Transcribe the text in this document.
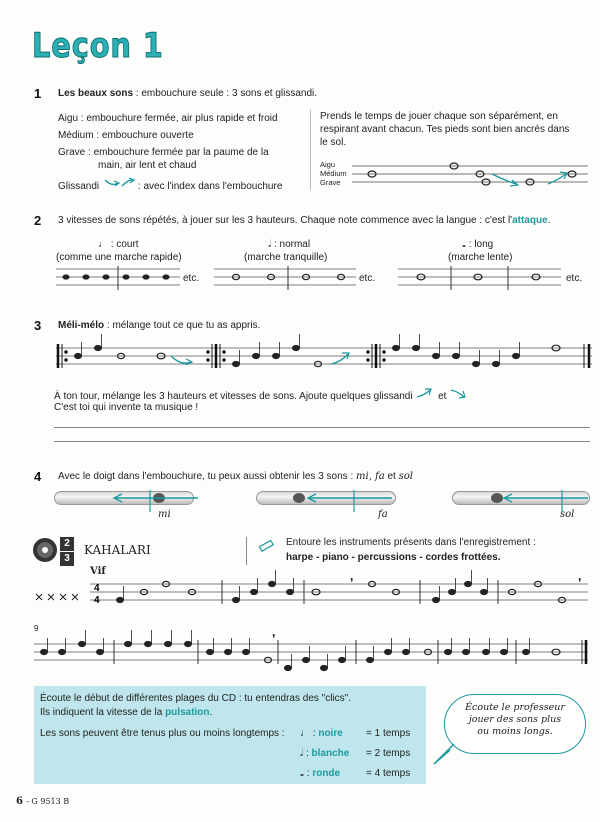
Leçon 1
1 Les beaux sons : embouchure seule : 3 sons et glissandi.
Aigu : embouchure fermée, air plus rapide et froid
Médium : embouchure ouverte
Grave : embouchure fermée par la paume de la
main, air lent et chaud
Glissandi	: avec l'index dans l'embouchure
Prends le temps de jouer chaque son séparément, en
respirant avant chacun. Tes pieds sont bien ancrés dans
le sol.
Aigu
Médium
Grave
2 3 vitesses de sons répétés, à jouer sur les 3 hauteurs. Chaque note commence avec la langue : c'est l'attaque.
♩ : court
(comme une marche rapide)
𝅗𝅥 : normal
(marche tranquille)
𝅝 : long
(marche lente)
etc.	etc.	etc.
3 Méli-mélo : mélange tout ce que tu as appris.
À ton tour, mélange les 3 hauteurs et vitesses de sons. Ajoute quelques glissandi	et
C'est toi qui invente ta musique !
4 Avec le doigt dans l'embouchure, tu peux aussi obtenir les 3 sons : mi, fa et sol
mi	fa	sol
2
3
KAHALARI
Entoure les instruments présents dans l'enregistrement :
harpe - piano - percussions - cordes frottées.
Vif
4
4
,	,
9	,
Écoute le début de différentes plages du CD : tu entendras des "clics".
Ils indiquent la vitesse de la pulsation.
Les sons peuvent être tenus plus ou moins longtemps : ♩ : noire = 1 temps
𝅗𝅥 : blanche = 2 temps
𝅝 : ronde	= 4 temps
Écoute le professeur
jouer des sons plus
ou moins longs.
6 - G 9513 B
